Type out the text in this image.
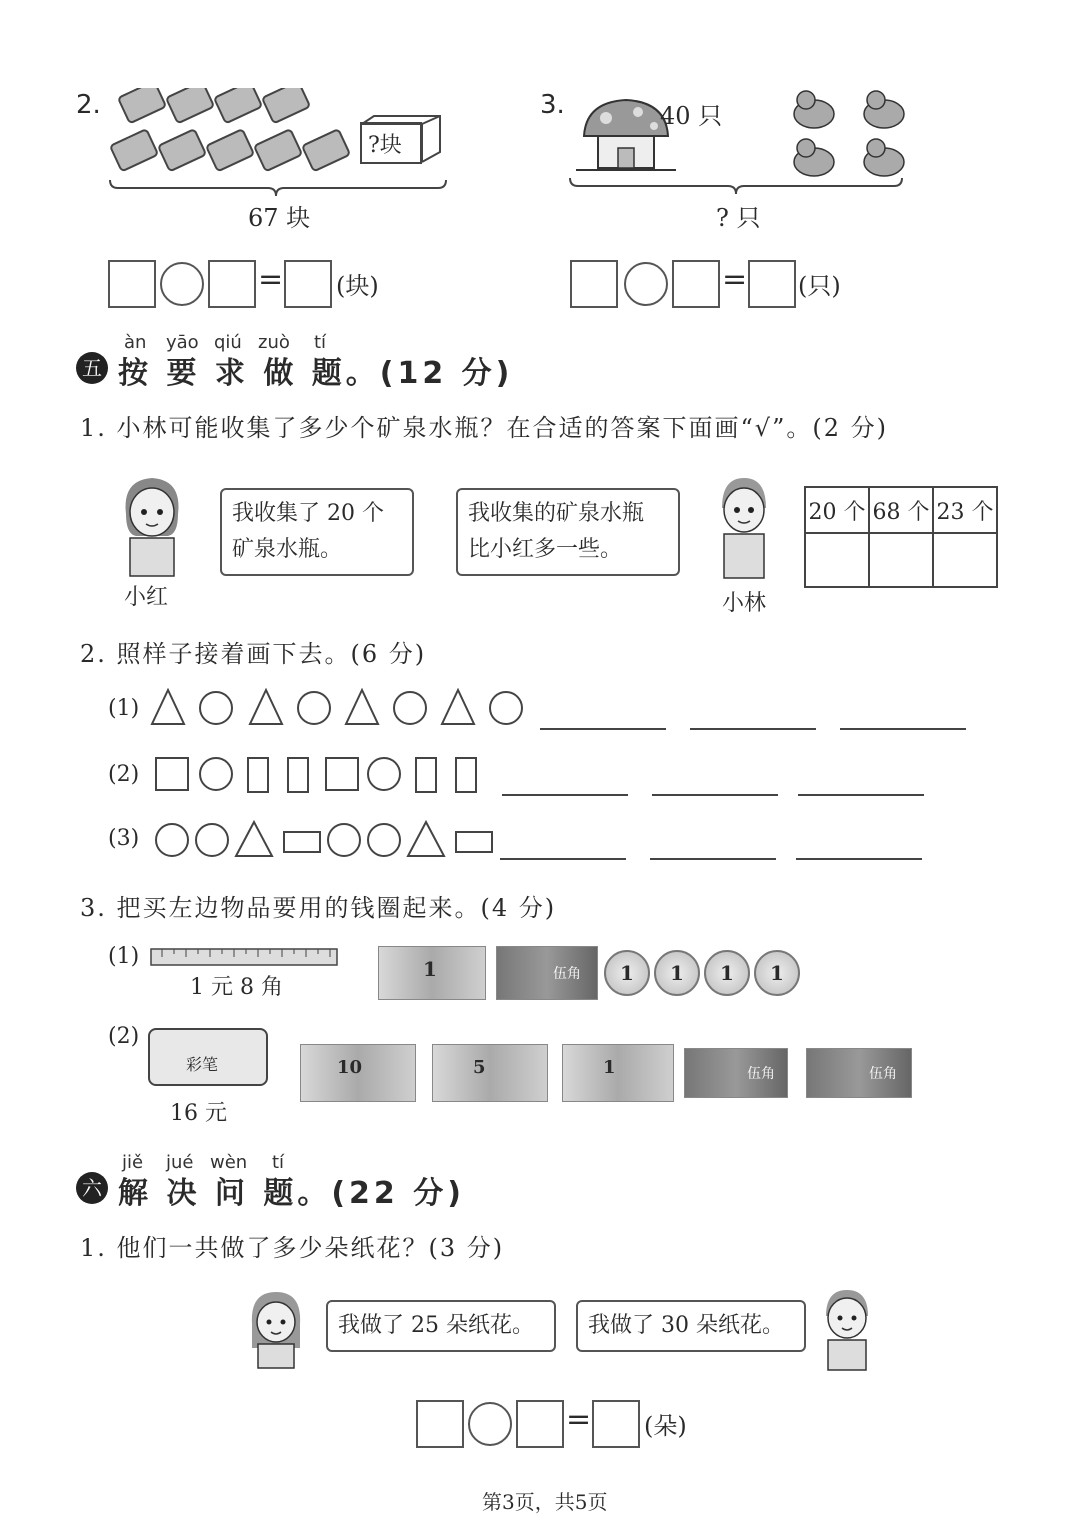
2.
?块
67 块
= (块)
3.	40 只
? 只
= (只)
àn yāo qiú zuò tí
五 按 要 求 做 题。(12 分)
1. 小林可能收集了多少个矿泉水瓶？在合适的答案下面画“√”。(2 分)
小红
我收集了 20 个
矿泉水瓶。
我收集的矿泉水瓶
比小红多一些。
小林
20 个	68 个	23 个

2. 照样子接着画下去。(6 分)
(1)
(2)
(3)
3. 把买左边物品要用的钱圈起来。(4 分)
(1)
1 元 8 角
1	伍角	1	1	1	1
(2)
彩笔
16 元
10	5	1	伍角	伍角
jiě jué wèn tí
六 解 决 问 题。(22 分)
1. 他们一共做了多少朵纸花？(3 分)
我做了 25 朵纸花。	我做了 30 朵纸花。
= (朵)
第3页，共5页
